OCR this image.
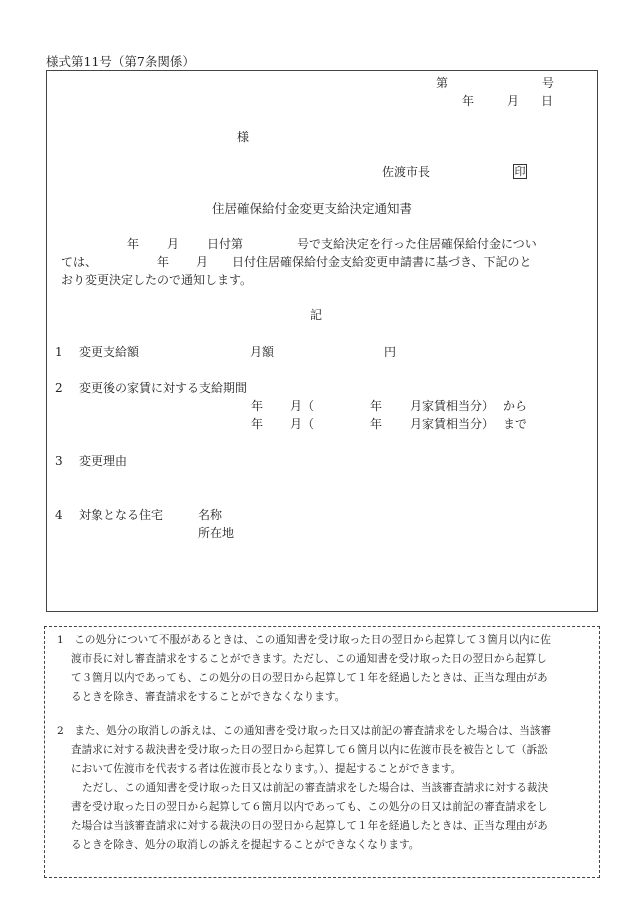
様式第11号（第7条関係）
第	号
年	月 日
様
佐渡市長	印
住居確保給付金変更支給決定通知書
年 月 日付第	号で支給決定を行った住居確保給付金につい
ては、	年 月 日付住居確保給付金支給変更申請書に基づき、下記のと
おり変更決定したので通知します。
記
1 変更支給額	月額	円
2 変更後の家賃に対する支給期間
年 月（	年 月家賃相当分） から
年 月（	年 月家賃相当分） まで
3 変更理由
4 対象となる住宅	名称
所在地
1　この処分について不服があるときは、この通知書を受け取った日の翌日から起算して３箇月以内に佐
渡市長に対し審査請求をすることができます。ただし、この通知書を受け取った日の翌日から起算し
て３箇月以内であっても、この処分の日の翌日から起算して１年を経過したときは、正当な理由があ
るときを除き、審査請求をすることができなくなります。
2　また、処分の取消しの訴えは、この通知書を受け取った日又は前記の審査請求をした場合は、当該審
査請求に対する裁決書を受け取った日の翌日から起算して６箇月以内に佐渡市長を被告として（訴訟
において佐渡市を代表する者は佐渡市長となります。）、提起することができます。
ただし、この通知書を受け取った日又は前記の審査請求をした場合は、当該審査請求に対する裁決
書を受け取った日の翌日から起算して６箇月以内であっても、この処分の日又は前記の審査請求をし
た場合は当該審査請求に対する裁決の日の翌日から起算して１年を経過したときは、正当な理由があ
るときを除き、処分の取消しの訴えを提起することができなくなります。
